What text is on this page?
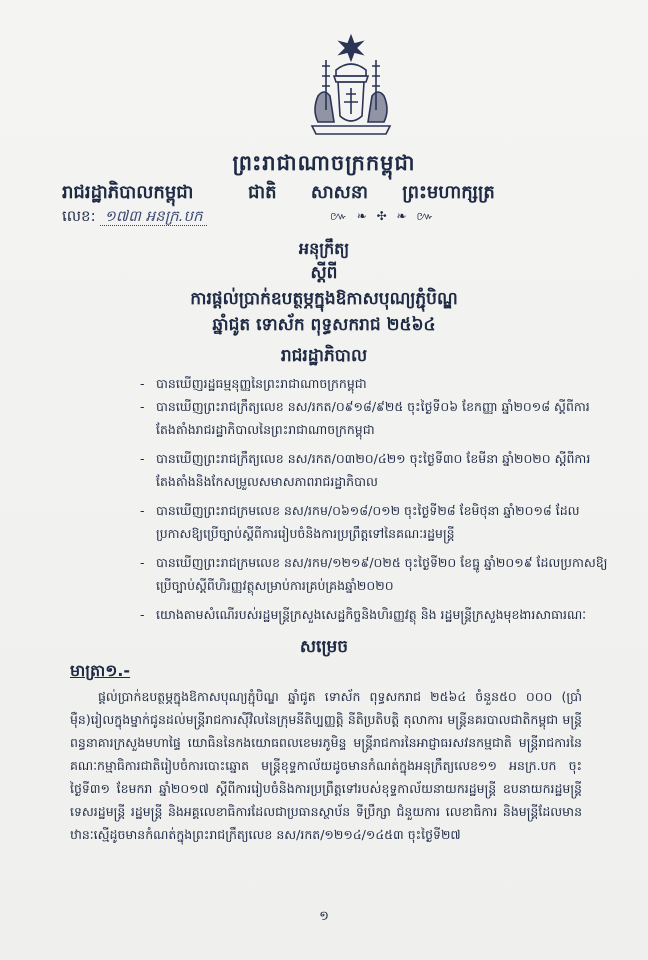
ព្រះរាជាណាចក្រកម្ពុជា
រាជរដ្ឋាភិបាលកម្ពុជា	ជាតិ សាសនា ព្រះមហាក្សត្រ
លេខ: ១៧៣ អនក្រ.បក	៚ ❧ ✣ ❧ ៚
អនុក្រឹត្យ
ស្ដីពី
ការផ្ដល់ប្រាក់ឧបត្ថម្ភក្នុងឱកាសបុណ្យភ្ជុំបិណ្ឌ
ឆ្នាំជូត ទោស័ក ពុទ្ធសករាជ ២៥៦៤
រាជរដ្ឋាភិបាល
- បានឃើញរដ្ឋធម្មនុញ្ញនៃព្រះរាជាណាចក្រកម្ពុជា
- បានឃើញព្រះរាជក្រឹត្យលេខ នស/រកត/០៩១៨/៩២៥ ចុះថ្ងៃទី០៦ ខែកញ្ញា ឆ្នាំ២០១៨ ស្តីពីការតែងតាំងរាជរដ្ឋាភិបាលនៃព្រះរាជាណាចក្រកម្ពុជា
- បានឃើញព្រះរាជក្រឹត្យលេខ នស/រកត/០៣២០/៤២១ ចុះថ្ងៃទី៣០ ខែមីនា ឆ្នាំ២០២០ ស្តីពីការតែងតាំងនិងកែសម្រួលសមាសភាពរាជរដ្ឋាភិបាល
- បានឃើញព្រះរាជក្រមលេខ នស/រកម/០៦១៨/០១២ ចុះថ្ងៃទី២៨ ខែមិថុនា ឆ្នាំ២០១៨ ដែលប្រកាសឱ្យប្រើច្បាប់ស្តីពីការរៀបចំនិងការប្រព្រឹត្តទៅនៃគណៈរដ្ឋមន្ត្រី
- បានឃើញព្រះរាជក្រមលេខ នស/រកម/១២១៩/០២៥ ចុះថ្ងៃទី២០ ខែធ្នូ ឆ្នាំ២០១៩ ដែលប្រកាសឱ្យប្រើច្បាប់ស្តីពីហិរញ្ញវត្ថុសម្រាប់ការគ្រប់គ្រងឆ្នាំ២០២០
- យោងតាមសំណើរបស់រដ្ឋមន្ត្រីក្រសួងសេដ្ឋកិច្ចនិងហិរញ្ញវត្ថុ និង រដ្ឋមន្ត្រីក្រសួងមុខងារសាធារណៈ
សម្រេច
មាត្រា១.-
ផ្តល់ប្រាក់ឧបត្ថម្ភក្នុងឱកាសបុណ្យភ្ជុំបិណ្ឌ ឆ្នាំជូត ទោស័ក ពុទ្ធសករាជ ២៥៦៤ ចំនួន៥០ ០០០ (ប្រាំម៉ឺន)រៀលក្នុងម្នាក់ជូនដល់មន្ត្រីរាជការស៊ីវិលនៃក្រុមនីតិប្បញ្ញត្តិ នីតិប្រតិបត្តិ តុលាការ មន្ត្រីនគរបាលជាតិកម្ពុជា មន្ត្រីពន្ធនាគារក្រសួងមហាផ្ទៃ យោធិននៃកងយោធពលខេមរភូមិន្ទ មន្ត្រីរាជការនៃអាជ្ញាធរសវនកម្មជាតិ មន្ត្រីរាជការនៃគណៈកម្មាធិការជាតិរៀបចំការបោះឆ្នោត មន្ត្រីខុទ្ទកាល័យដូចមានកំណត់ក្នុងអនុក្រឹត្យលេខ១១ អនក្រ.បក ចុះថ្ងៃទី៣១ ខែមករា ឆ្នាំ២០១៧ ស្តីពីការរៀបចំនិងការប្រព្រឹត្តទៅរបស់ខុទ្ទកាល័យនាយករដ្ឋមន្ត្រី ឧបនាយករដ្ឋមន្ត្រី ទេសរដ្ឋមន្ត្រី រដ្ឋមន្ត្រី និងអគ្គលេខាធិការដែលជាប្រធានស្ថាប័ន ទីប្រឹក្សា ជំនួយការ លេខាធិការ និងមន្ត្រីដែលមានឋានៈស្មើដូចមានកំណត់ក្នុងព្រះរាជក្រឹត្យលេខ នស/រកត/១២១៤/១៤៥៣ ចុះថ្ងៃទី២៧
១
